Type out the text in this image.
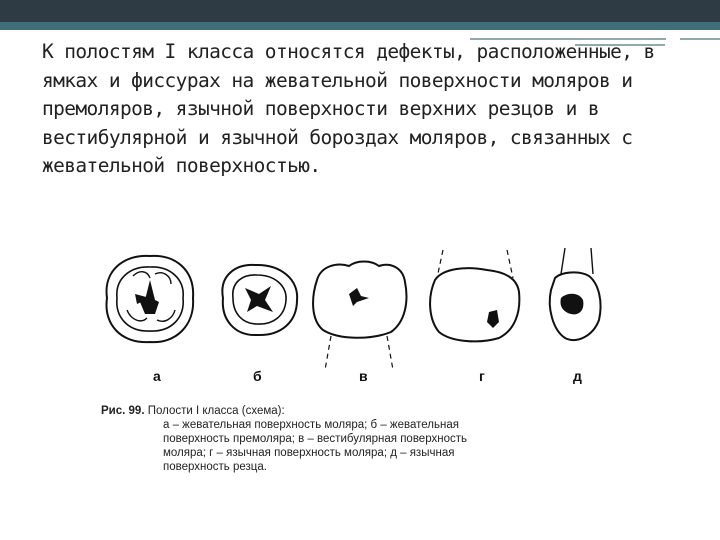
К полостям I класса относятся дефекты, расположенные, в ямках и фиссурах на жевательной поверхности моляров и премоляров, язычной поверхности верхних резцов и в вестибулярной и язычной бороздах моляров, связанных с жевательной поверхностью.

а	б	в	г	д
Рис. 99. Полости I класса (схема):
а – жевательная поверхность моляра; б – жевательная
поверхность премоляра; в – вестибулярная поверхность
моляра; г – язычная поверхность моляра; д – язычная
поверхность резца.
